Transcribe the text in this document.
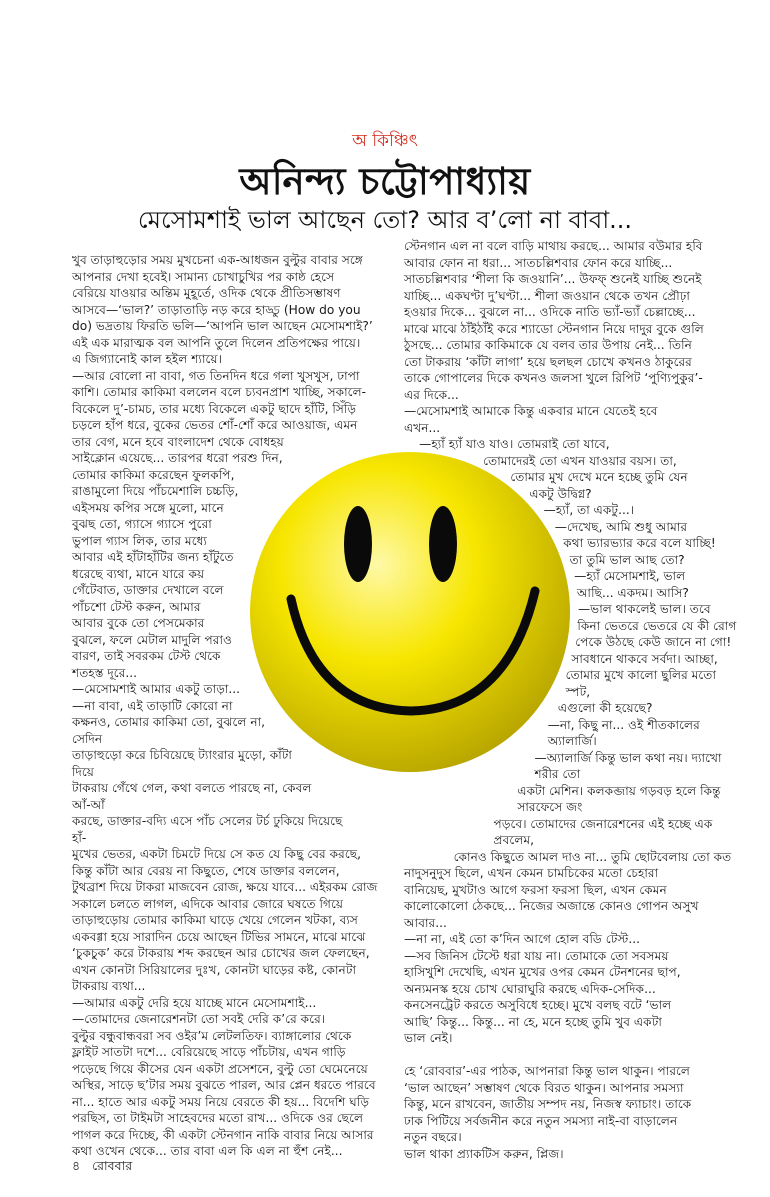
অ কিঞ্চিৎ
অনিন্দ্য চট্টোপাধ্যায়
মেসোমশাই ভাল আছেন তো? আর ব’লো না বাবা...

খুব তাড়াহুড়োর সময় মুখচেনা এক-আধজন বুল্টুর বাবার সঙ্গে

আপনার দেখা হবেই। সামান্য চোখাচুখির পর কাষ্ঠ হেসে

বেরিয়ে যাওয়ার অন্তিম মুহূর্তে, ওদিক থেকে প্রীতিসম্ভাষণ

আসবে—‘ভাল?’ তাড়াতাড়ি নড় করে হাড্ডু (How do you

do) ভদ্রতায় ফিরতি ভলি—‘আপনি ভাল আছেন মেসোমশাই?’

এই এক মারাত্মক বল আপনি তুলে দিলেন প্রতিপক্ষের পায়ে।

এ জিগ্যানোই কাল হইল শ্যায়ে।

—আর বোলো না বাবা, গত তিনদিন ধরে গলা খুসখুস, ঢাপা

কাশি। তোমার কাকিমা বললেন বলে চ্যবনপ্রাশ খাচ্ছি, সকালে-

বিকেলে দু’-চামচ, তার মধ্যে বিকেলে একটু ছাদে হাঁটি, সিঁড়ি

চড়লে হাঁপ ধরে, বুকের ভেতর শোঁ-শোঁ করে আওয়াজ, এমন

তার বেগ, মনে হবে বাংলাদেশ থেকে বোধহয়

সাইক্লোন এয়েছে... তারপর ধরো পরশু দিন,

তোমার কাকিমা করেছেন ফুলকপি,

রাঙামুলো দিয়ে পাঁচমেশালি চচ্চড়ি,

এইসময় কপির সঙ্গে মুলো, মানে

বুঝছ তো, গ্যাসে গ্যাসে পুরো

ভুপাল গ্যাস লিক, তার মধ্যে

আবার এই হাঁটাহাঁটির জন্য হাঁটুতে

ধরেছে ব্যথা, মানে যারে কয়

গেঁটেবাত, ডাক্তার দেখালে বলে

পাঁচশো টেস্ট করুন, আমার

আবার বুকে তো পেসমেকার

বুঝলে, ফলে মেটাল মাদুলি পরাও

বারণ, তাই সবরকম টেস্ট থেকে

শতহস্ত দূরে...

—মেসোমশাই আমার একটু তাড়া...

—না বাবা, এই তাড়াটি কোরো না

কক্ষনও, তোমার কাকিমা তো, বুঝলে না, সেদিন

তাড়াহুড়ো করে চিবিয়েছে ট্যাংরার মুড়ো, কাঁটা দিয়ে

টাকরায় গেঁথে গেল, কথা বলতে পারছে না, কেবল আঁ-আঁ

করছে, ডাক্তার-বদ্যি এসে পাঁচ সেলের টর্চ ঢুকিয়ে দিয়েছে হাঁ-

মুখের ভেতর, একটা চিমটে দিয়ে সে কত যে কিছু বের করছে,

কিন্তু কাঁটা আর বেরয় না কিছুতে, শেষে ডাক্তার বললেন,

টুথব্রাশ দিয়ে টাকরা মাজবেন রোজ, ক্ষয়ে যাবে... এইরকম রোজ

সকালে চলতে লাগল, এদিকে আবার জোরে ঘষতে গিয়ে

তাড়াহুড়োয় তোমার কাকিমা ঘাড়ে খেয়ে গেলেন খটকা, ব্যস

একবগ্গা হয়ে সারাদিন চেয়ে আছেন টিভির সামনে, মাঝে মাঝে

‘চুকচুক’ করে টাকরায় শব্দ করছেন আর চোখের জল ফেলছেন,

এখন কোনটা সিরিয়ালের দুঃখ, কোনটা ঘাড়ের কষ্ট, কোনটা

টাকরায় ব্যথা...

—আমার একটু দেরি হয়ে যাচ্ছে মানে মেসোমশাই...

—তোমাদের জেনারেশনটা তো সবই দেরি ক’রে করে।

বুল্টুর বন্ধুবান্ধবরা সব ওইর’ম লেটলতিফ। ব্যাঙ্গালোর থেকে

ফ্লাইট সাতটা দশে... বেরিয়েছে সাড়ে পাঁচটায়, এখন গাড়ি

পড়েছে গিয়ে কীসের যেন একটা প্রসেশনে, বুল্টু তো ঘেমেনেয়ে

অস্থির, সাড়ে ছ’টার সময় বুঝতে পারল, আর প্লেন ধরতে পারবে

না... হাতে আর একটু সময় নিয়ে বেরতে কী হয়... বিদেশি ঘড়ি

পরছিস, তা টাইমটা সাহেবদের মতো রাখ... ওদিকে ওর ছেলে

পাগল করে দিচ্ছে, কী একটা স্টেনগান নাকি বাবার নিয়ে আসার

কথা ওখেন থেকে... তার বাবা এল কি এল না হুঁশ নেই...

স্টেনগান এল না বলে বাড়ি মাথায় করছে... আমার বউমার হবি

আবার ফোন না ধরা... সাতচল্লিশবার ফোন করে যাচ্ছি...

সাতচল্লিশবার ‘শীলা কি জওয়ানি’... উফফ্ শুনেই যাচ্ছি শুনেই

যাচ্ছি... একঘণ্টা দু’ঘণ্টা... শীলা জওয়ান থেকে তখন প্রৌঢ়া

হওয়ার দিকে... বুঝলে না... ওদিকে নাতি ভ্যাঁ-ভ্যাঁ চেল্লাচ্ছে...

মাঝে মাঝে ঠাঁইঠাঁই করে শ্যাডো স্টেনগান নিয়ে দাদুর বুকে গুলি

ঠুসছে... তোমার কাকিমাকে যে বলব তার উপায় নেই... তিনি

তো টাকরায় ‘কাঁটা লাগা’ হয়ে ছলছল চোখে কখনও ঠাকুরের

তাকে গোপালের দিকে কখনও জলসা খুলে রিপিট ‘পুণ্যিপুকুর’-

এর দিকে...

—মেসোমশাই আমাকে কিন্তু একবার মানে যেতেই হবে

এখন...

—হ্যাঁ হ্যাঁ যাও যাও। তোমরাই তো যাবে,

তোমাদেরই তো এখন যাওয়ার বয়স। তা,

তোমার মুখ দেখে মনে হচ্ছে তুমি যেন

একটু উদ্বিগ্ন?

—হ্যাঁ, তা একটু...।

—দেখেছ, আমি শুধু আমার

কথা ভ্যারভ্যার করে বলে যাচ্ছি!

তা তুমি ভাল আছ তো?

—হ্যাঁ মেসোমশাই, ভাল

আছি... একদম। আসি?

—ভাল থাকলেই ভাল। তবে

কিনা ভেতরে ভেতরে যে কী রোগ

পেকে উঠছে কেউ জানে না গো!

সাবধানে থাকবে সর্বদা। আচ্ছা,

তোমার মুখে কালো ছুলির মতো স্পট,

এগুলো কী হয়েছে?

—না, কিছু না... ওই শীতকালের অ্যালার্জি।

—অ্যালার্জি কিন্তু ভাল কথা নয়। দ্যাখো শরীর তো

একটা মেশিন। কলকব্জায় গড়বড় হলে কিন্তু সারফেসে জং

পড়বে। তোমাদের জেনারেশনের এই হচ্ছে এক প্রবলেম,

কোনও কিছুতে আমল দাও না... তুমি ছোটবেলায় তো কত

নাদুসনুদুস ছিলে, এখন কেমন চামচিকের মতো চেহারা

বানিয়েছ, মুখটাও আগে ফরসা ফরসা ছিল, এখন কেমন

কালোকোলো ঠেকছে... নিজের অজান্তে কোনও গোপন অসুখ

আবার...

—না না, এই তো ক’দিন আগে হোল বডি টেস্ট...

—সব জিনিস টেস্টে ধরা যায় না। তোমাকে তো সবসময়

হাসিখুশি দেখেছি, এখন মুখের ওপর কেমন টেনশনের ছাপ,

অন্যমনস্ক হয়ে চোখ ঘোরাঘুরি করছে এদিক-সেদিক...

কনসেনট্রেট করতে অসুবিধে হচ্ছে। মুখে বলছ বটে ‘ভাল

আছি’ কিন্তু... কিন্তু... না হে, মনে হচ্ছে তুমি খুব একটা

ভাল নেই।

হে ‘রোববার’-এর পাঠক, আপনারা কিন্তু ভাল থাকুন। পারলে

‘ভাল আছেন’ সম্ভাষণ থেকে বিরত থাকুন। আপনার সমস্যা

কিন্তু, মনে রাখবেন, জাতীয় সম্পদ নয়, নিজস্ব ফ্যাচাং। তাকে

ঢাক পিটিয়ে সর্বজনীন করে নতুন সমস্যা নাই-বা বাড়ালেন

নতুন বছরে।

ভাল থাকা প্র্যাকটিস করুন, প্লিজ।

৪ রোববার
